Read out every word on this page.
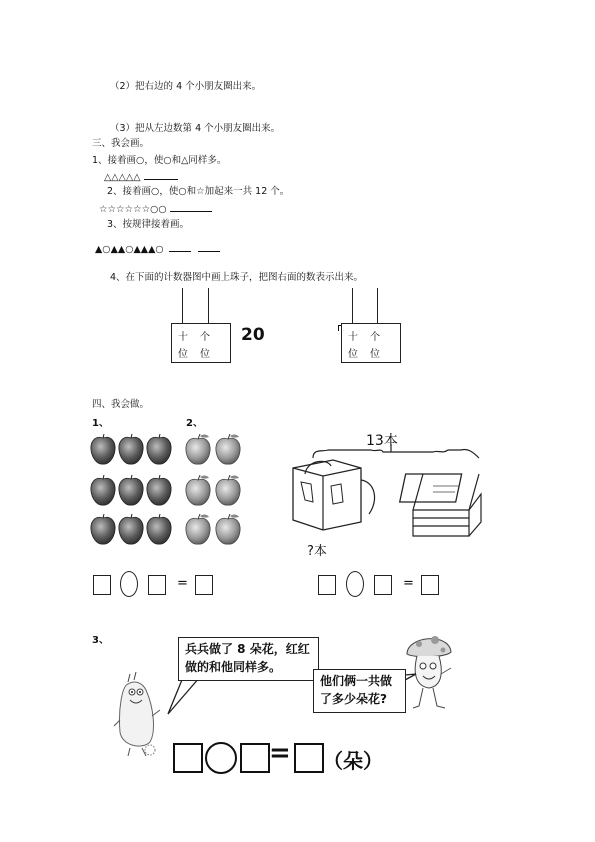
（2）把右边的 4 个小朋友圈出来。
（3）把从左边数第 4 个小朋友圈出来。
三、我会画。
1、接着画○，使○和△同样多。
△△△△△
2、接着画○，使○和☆加起来一共 12 个。
☆☆☆☆☆☆○○
3、按规律接着画。
▲○▲▲○▲▲▲○
4、在下面的计数器图中画上珠子，把图右面的数表示出来。
十 个
位 位
20	十 个
位 位
四、我会做。
1、	2、
13本
?本
=	=
3、
兵兵做了 8 朵花，红红做的和他同样多。
他们俩一共做了多少朵花?
= （朵）
